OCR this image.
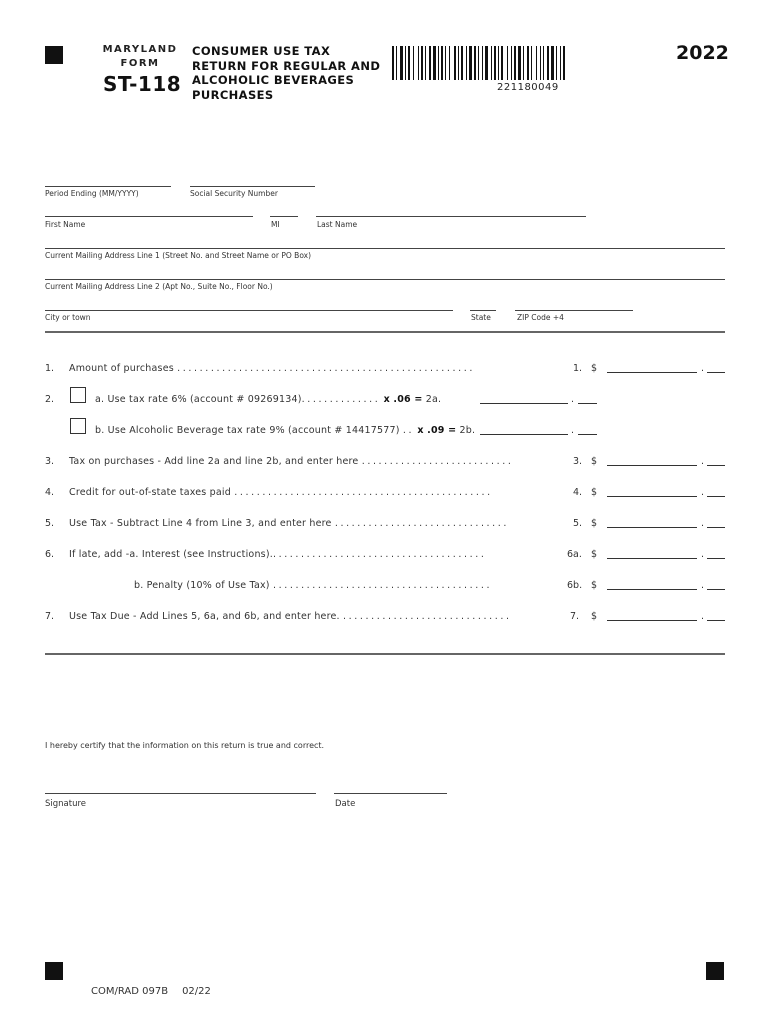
MARYLAND
FORM
ST-118
CONSUMER USE TAX
RETURN FOR REGULAR AND
ALCOHOLIC BEVERAGES
PURCHASES	221180049
2022
Period Ending (MM/YYYY)	Social Security Number
First Name	MI	Last Name
Current Mailing Address Line 1 (Street No. and Street Name or PO Box)
Current Mailing Address Line 2 (Apt No., Suite No., Floor No.)
City or town	State	ZIP Code +4
1. Amount of purchases .....................................................	1. $	.
2.	a. Use tax rate 6% (account # 09269134).............. x .06 = 2a.	.
b. Use Alcoholic Beverage tax rate 9% (account # 14417577) .. x .09 = 2b.	.
3. Tax on purchases - Add line 2a and line 2b, and enter here ...........................	3. $	.
4. Credit for out-of-state taxes paid ..............................................	4. $	.
5. Use Tax - Subtract Line 4 from Line 3, and enter here ...............................	5. $	.
6. If late, add -a. Interest (see Instructions).......................................	6a. $	.
b. Penalty (10% of Use Tax) .......................................	6b. $	.
7. Use Tax Due - Add Lines 5, 6a, and 6b, and enter here. ..............................	7. $	.
I hereby certify that the information on this return is true and correct.
Signature	Date
COM/RAD 097B 02/22
